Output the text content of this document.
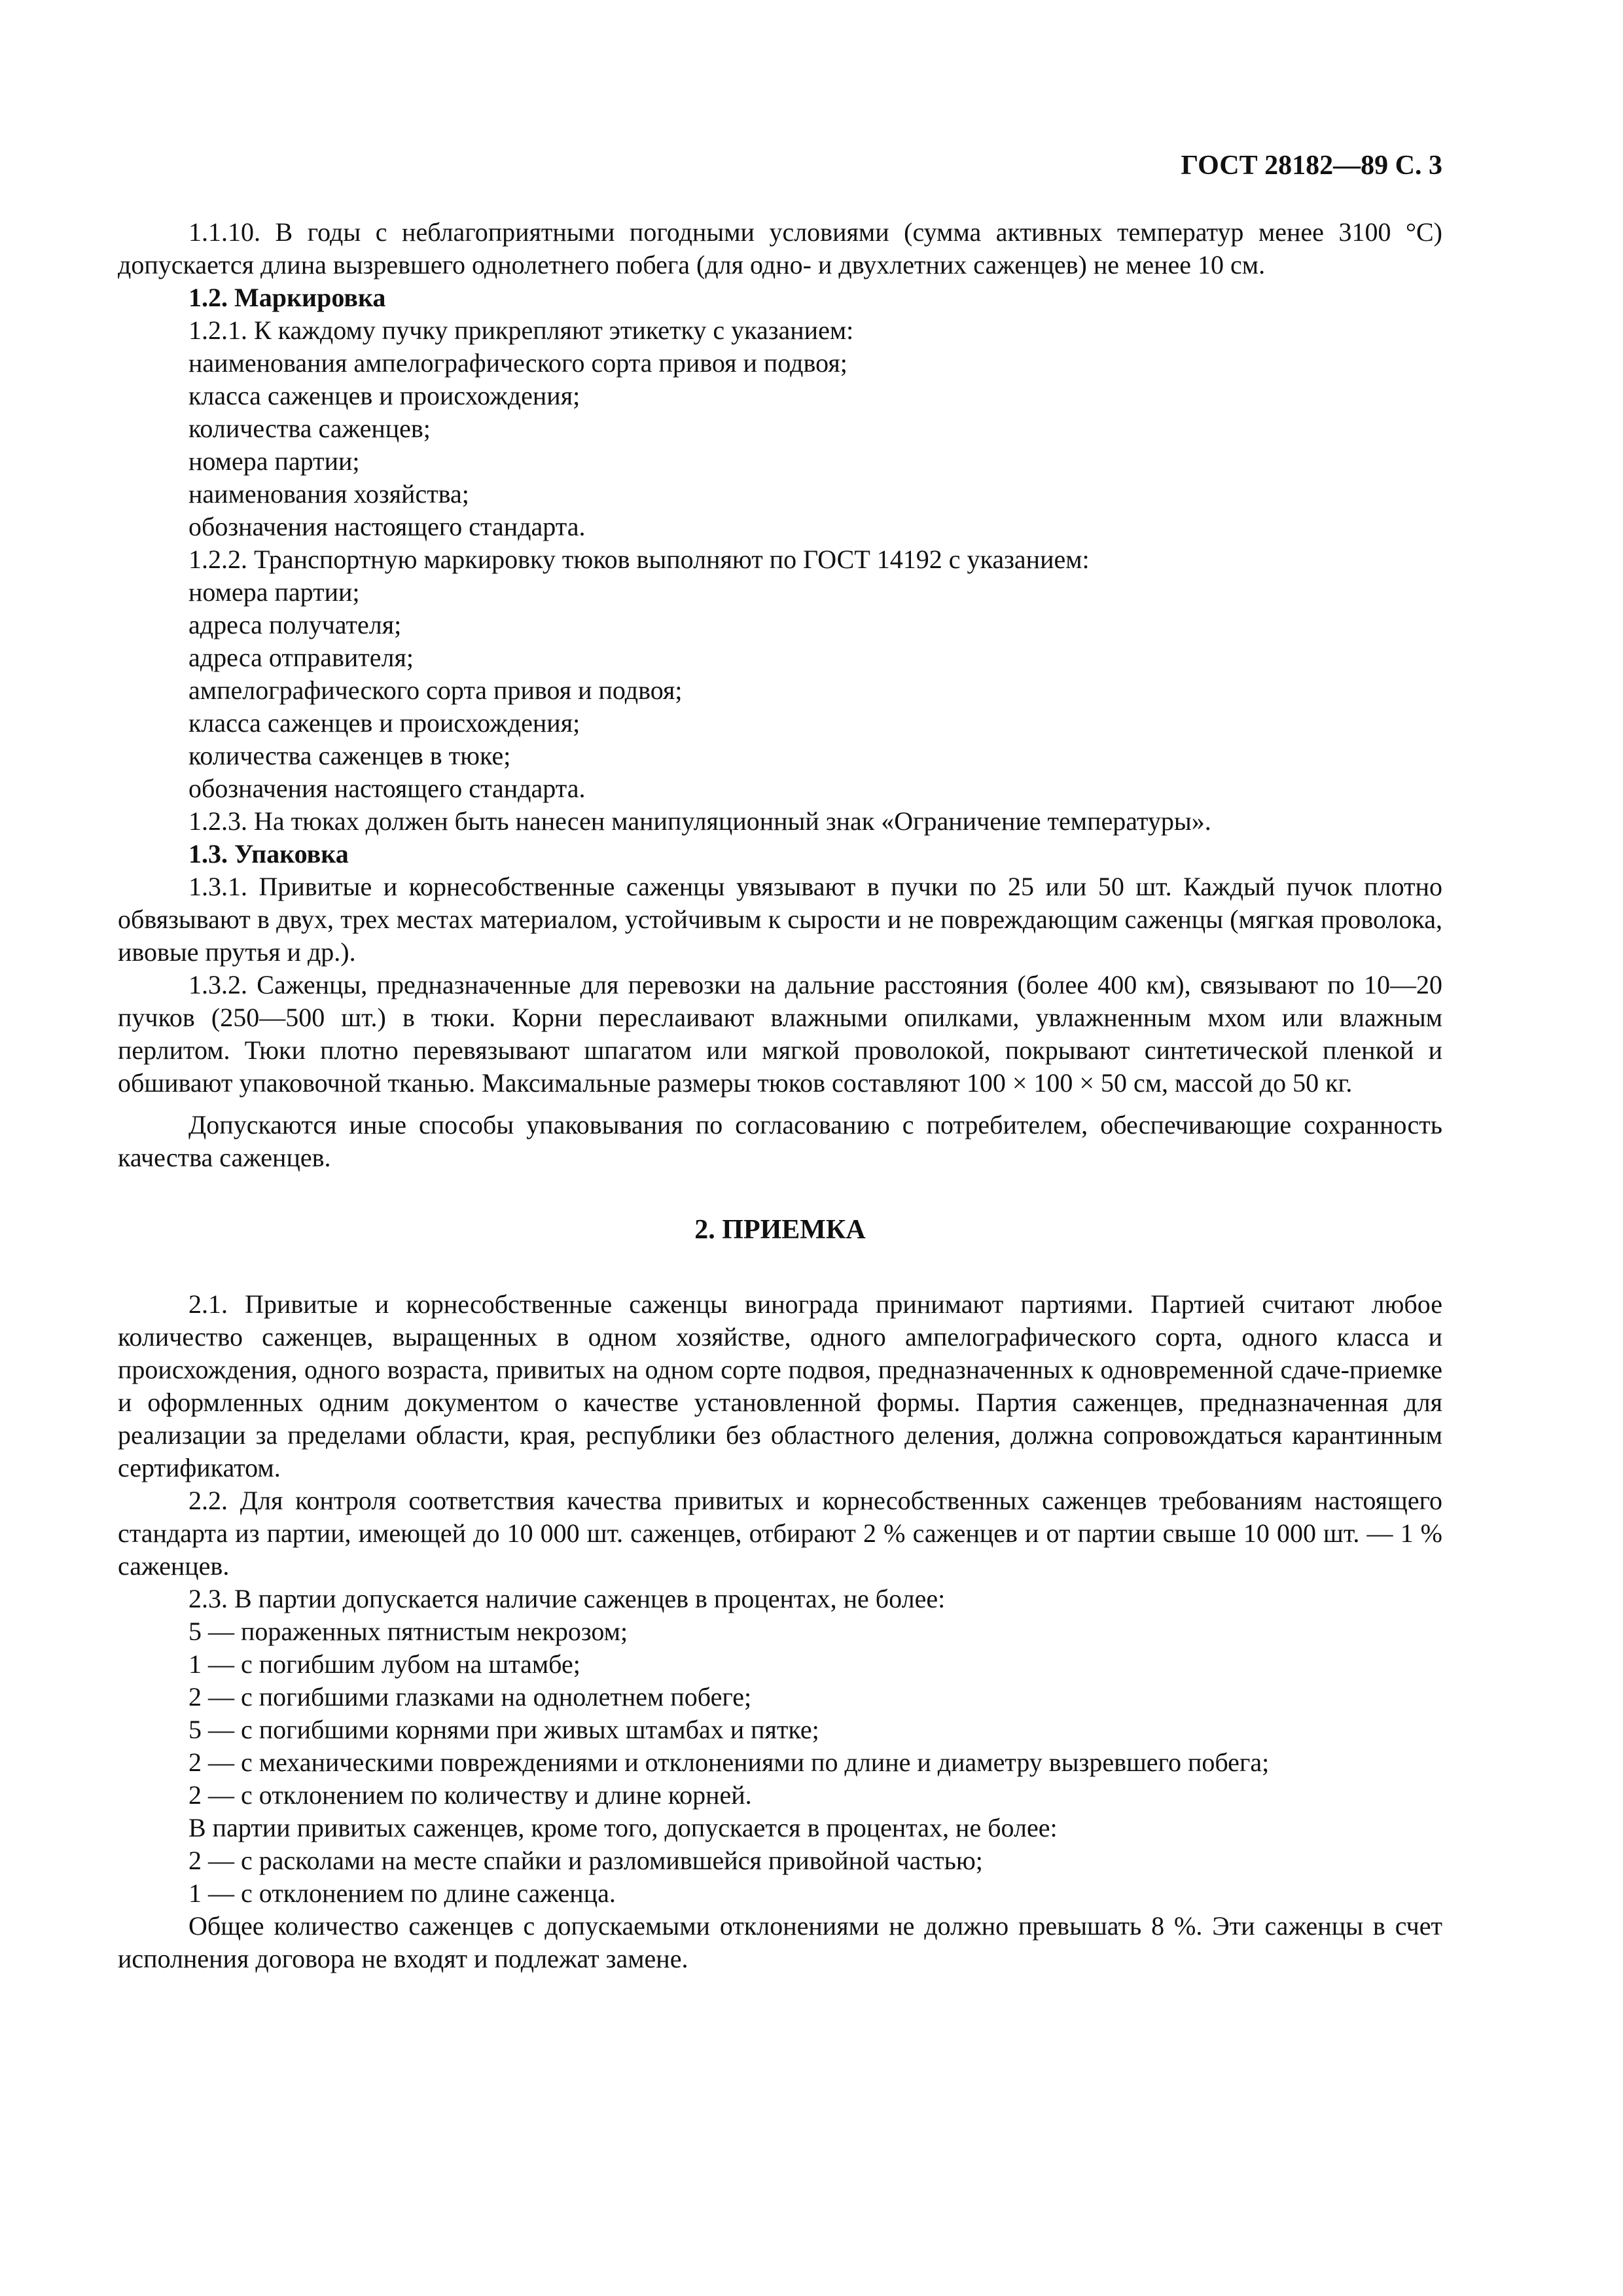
ГОСТ 28182—89 С. 3

1.1.10. В годы с неблагоприятными погодными условиями (сумма активных температур менее 3100 °С) допускается длина вызревшего однолетнего побега (для одно- и двухлетних саженцев) не менее 10 см.

1.2. Маркировка

1.2.1. К каждому пучку прикрепляют этикетку с указанием:

наименования ампелографического сорта привоя и подвоя;

класса саженцев и происхождения;

количества саженцев;

номера партии;

наименования хозяйства;

обозначения настоящего стандарта.

1.2.2. Транспортную маркировку тюков выполняют по ГОСТ 14192 с указанием:

номера партии;

адреса получателя;

адреса отправителя;

ампелографического сорта привоя и подвоя;

класса саженцев и происхождения;

количества саженцев в тюке;

обозначения настоящего стандарта.

1.2.3. На тюках должен быть нанесен манипуляционный знак «Ограничение температуры».

1.3. Упаковка

1.3.1. Привитые и корнесобственные саженцы увязывают в пучки по 25 или 50 шт. Каждый пучок плотно обвязывают в двух, трех местах материалом, устойчивым к сырости и не повреждающим саженцы (мягкая проволока, ивовые прутья и др.).

1.3.2. Саженцы, предназначенные для перевозки на дальние расстояния (более 400 км), связывают по 10—20 пучков (250—500 шт.) в тюки. Корни переслаивают влажными опилками, увлажненным мхом или влажным перлитом. Тюки плотно перевязывают шпагатом или мягкой проволокой, покрывают синтетической пленкой и обшивают упаковочной тканью. Максимальные размеры тюков составляют 100 × 100 × 50 см, массой до 50 кг.

Допускаются иные способы упаковывания по согласованию с потребителем, обеспечивающие сохранность качества саженцев.

2. ПРИЕМКА

2.1. Привитые и корнесобственные саженцы винограда принимают партиями. Партией считают любое количество саженцев, выращенных в одном хозяйстве, одного ампелографического сорта, одного класса и происхождения, одного возраста, привитых на одном сорте подвоя, предназначенных к одновременной сдаче-приемке и оформленных одним документом о качестве установленной формы. Партия саженцев, предназначенная для реализации за пределами области, края, республики без областного деления, должна сопровождаться карантинным сертификатом.

2.2. Для контроля соответствия качества привитых и корнесобственных саженцев требованиям настоящего стандарта из партии, имеющей до 10 000 шт. саженцев, отбирают 2 % саженцев и от партии свыше 10 000 шт. — 1 % саженцев.

2.3. В партии допускается наличие саженцев в процентах, не более:

5 — пораженных пятнистым некрозом;

1 — с погибшим лубом на штамбе;

2 — с погибшими глазками на однолетнем побеге;

5 — с погибшими корнями при живых штамбах и пятке;

2 — с механическими повреждениями и отклонениями по длине и диаметру вызревшего побега;

2 — с отклонением по количеству и длине корней.

В партии привитых саженцев, кроме того, допускается в процентах, не более:

2 — с расколами на месте спайки и разломившейся привойной частью;

1 — с отклонением по длине саженца.

Общее количество саженцев с допускаемыми отклонениями не должно превышать 8 %. Эти саженцы в счет исполнения договора не входят и подлежат замене.
